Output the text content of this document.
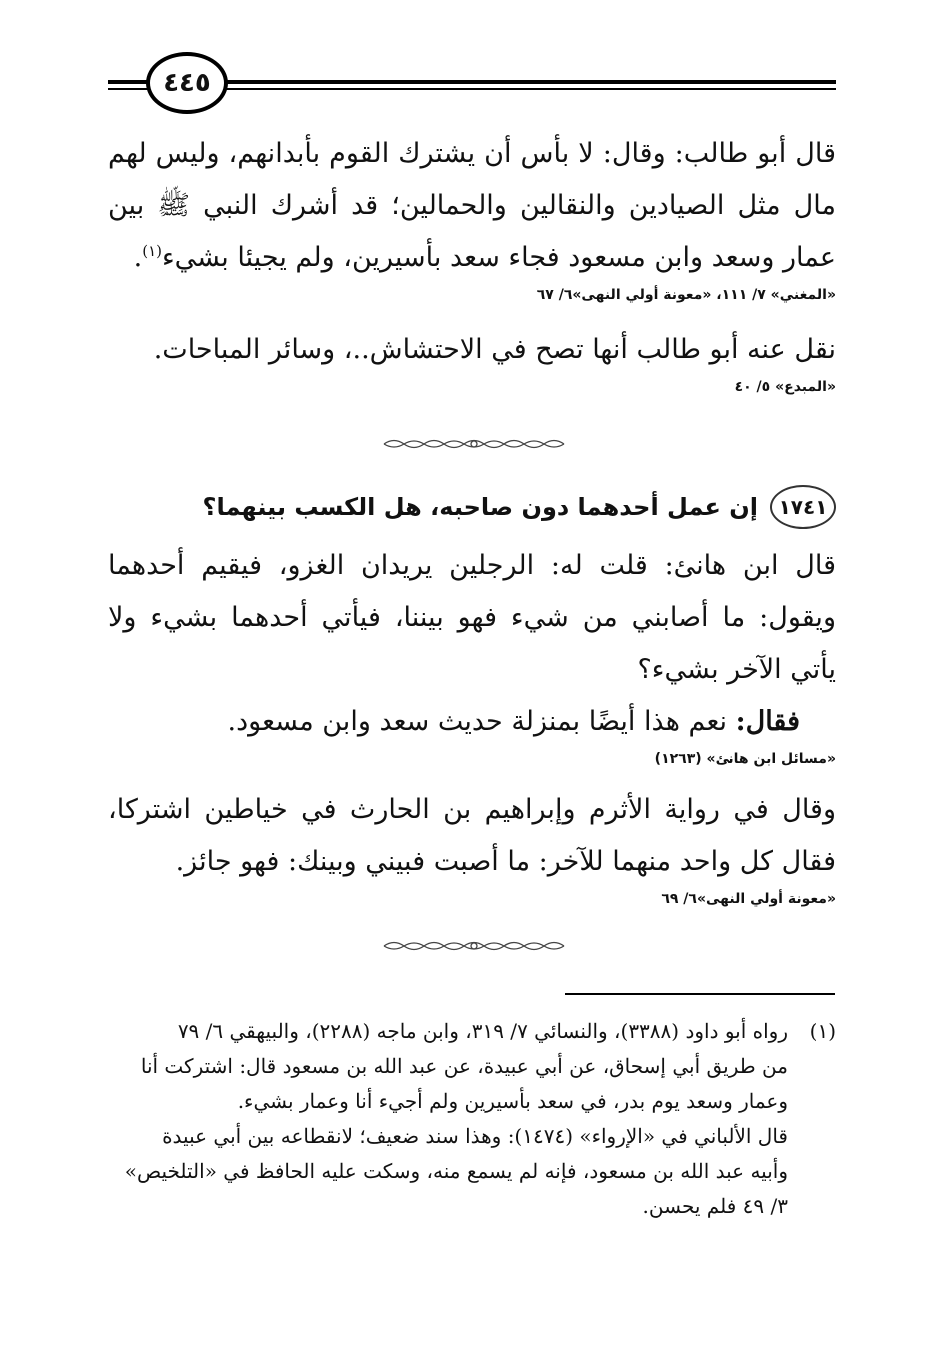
٤٤٥

قال أبو طالب: وقال: لا بأس أن يشترك القوم بأبدانهم، وليس لهم مال مثل الصيادين والنقالين والحمالين؛ قد أشرك النبي ﷺ بين عمار وسعد وابن مسعود فجاء سعد بأسيرين، ولم يجيئا بشيء$^{(١)}$.

«المغني» ٧/ ١١١، «معونة أولي النهى»٦/ ٦٧

نقل عنه أبو طالب أنها تصح في الاحتشاش..، وسائر المباحات.

«المبدع» ٥/ ٤٠

١٧٤١
إن عمل أحدهما دون صاحبه، هل الكسب بينهما؟

قال ابن هانئ: قلت له: الرجلين يريدان الغزو، فيقيم أحدهما ويقول: ما أصابني من شيء فهو بيننا، فيأتي أحدهما بشيء ولا يأتي الآخر بشيء؟

فقال: نعم هذا أيضًا بمنزلة حديث سعد وابن مسعود.

«مسائل ابن هانئ» (١٢٦٣)

وقال في رواية الأثرم وإبراهيم بن الحارث في خياطين اشتركا، فقال كل واحد منهما للآخر: ما أصبت فبيني وبينك: فهو جائز.

«معونة أولي النهى»٦/ ٦٩

(١)رواه أبو داود (٣٣٨٨)، والنسائي ٧/ ٣١٩، وابن ماجه (٢٢٨٨)، والبيهقي ٦/ ٧٩

من طريق أبي إسحاق، عن أبي عبيدة، عن عبد الله بن مسعود قال: اشتركت أنا

وعمار وسعد يوم بدر، في سعد بأسيرين ولم أجيء أنا وعمار بشيء.

قال الألباني في «الإرواء» (١٤٧٤): وهذا سند ضعيف؛ لانقطاعه بين أبي عبيدة

وأبيه عبد الله بن مسعود، فإنه لم يسمع منه، وسكت عليه الحافظ في «التلخيص»

٣/ ٤٩ فلم يحسن.
